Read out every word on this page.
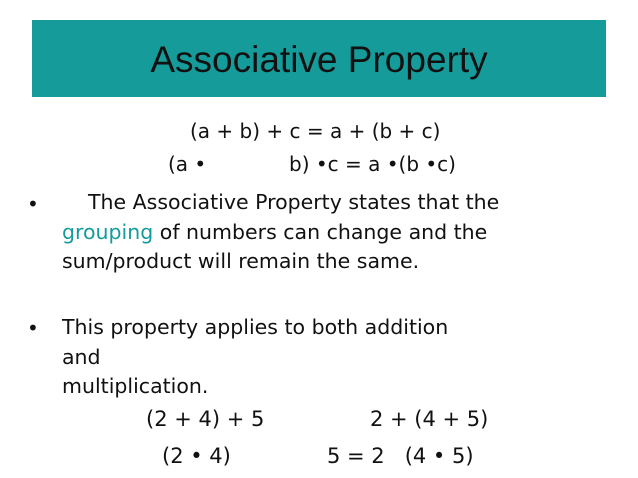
Associative Property
(a + b) + c = a + (b + c)
(a •	b) •c = a •(b •c)
•	The Associative Property states that the grouping of numbers can change and the sum/product will remain the same.
• This property applies to both addition
and
multiplication.
(2 + 4) + 5	2 + (4 + 5)
(2 • 4)	5 = 2   (4 • 5)
